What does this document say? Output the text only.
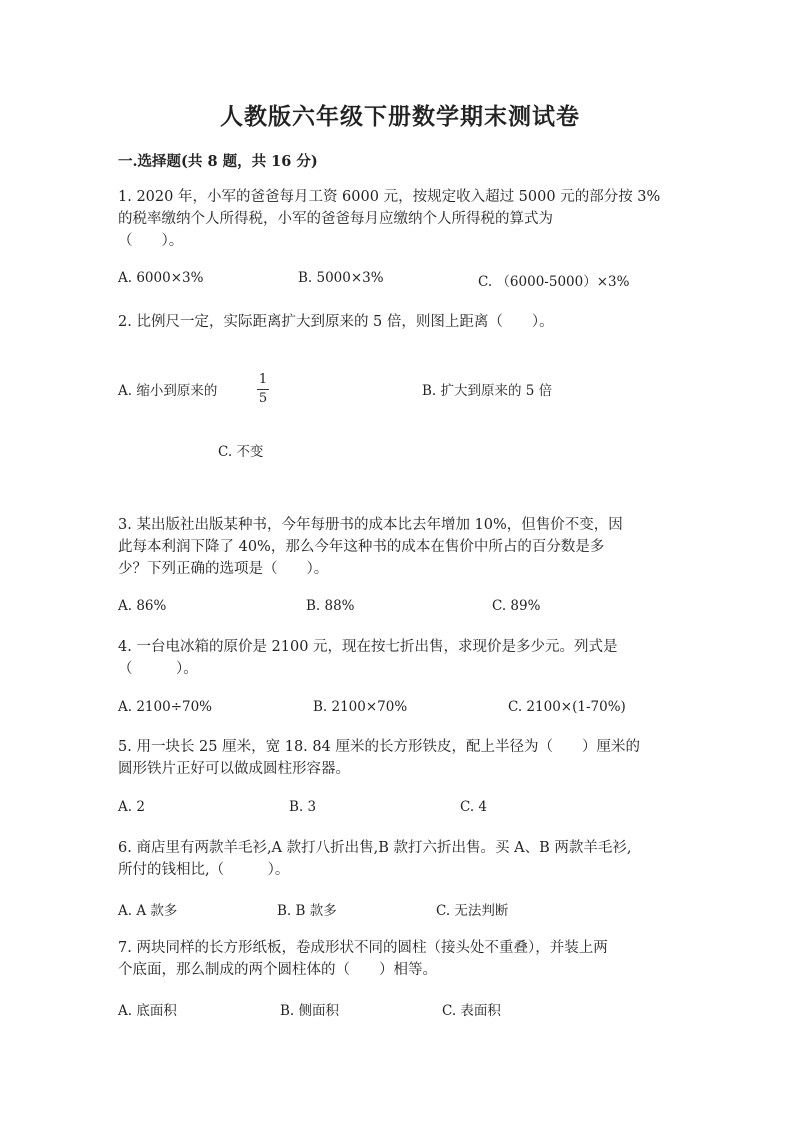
人教版六年级下册数学期末测试卷
一.选择题(共 8 题，共 16 分)
1. 2020 年，小军的爸爸每月工资 6000 元，按规定收入超过 5000 元的部分按 3%
的税率缴纳个人所得税，小军的爸爸每月应缴纳个人所得税的算式为
（　　）。
A. 6000×3%	B. 5000×3%	C. （6000-5000）×3%
2. 比例尺一定，实际距离扩大到原来的 5 倍，则图上距离（　　）。
A. 缩小到原来的
1
5	B. 扩大到原来的 5 倍
C. 不变
3. 某出版社出版某种书，今年每册书的成本比去年增加 10%，但售价不变，因
此每本利润下降了 40%，那么今年这种书的成本在售价中所占的百分数是多
少？下列正确的选项是（　　）。
A. 86%	B. 88%	C. 89%
4. 一台电冰箱的原价是 2100 元，现在按七折出售，求现价是多少元。列式是
（　　　）。
A. 2100÷70%	B. 2100×70%	C. 2100×(1-70%)
5. 用一块长 25 厘米，宽 18. 84 厘米的长方形铁皮，配上半径为（　　）厘米的
圆形铁片正好可以做成圆柱形容器。
A. 2	B. 3	C. 4
6. 商店里有两款羊毛衫,A 款打八折出售,B 款打六折出售。买 A、B 两款羊毛衫,
所付的钱相比,（　　　）。
A. A 款多	B. B 款多	C. 无法判断
7. 两块同样的长方形纸板，卷成形状不同的圆柱（接头处不重叠），并装上两
个底面，那么制成的两个圆柱体的（　　）相等。
A. 底面积	B. 侧面积	C. 表面积
